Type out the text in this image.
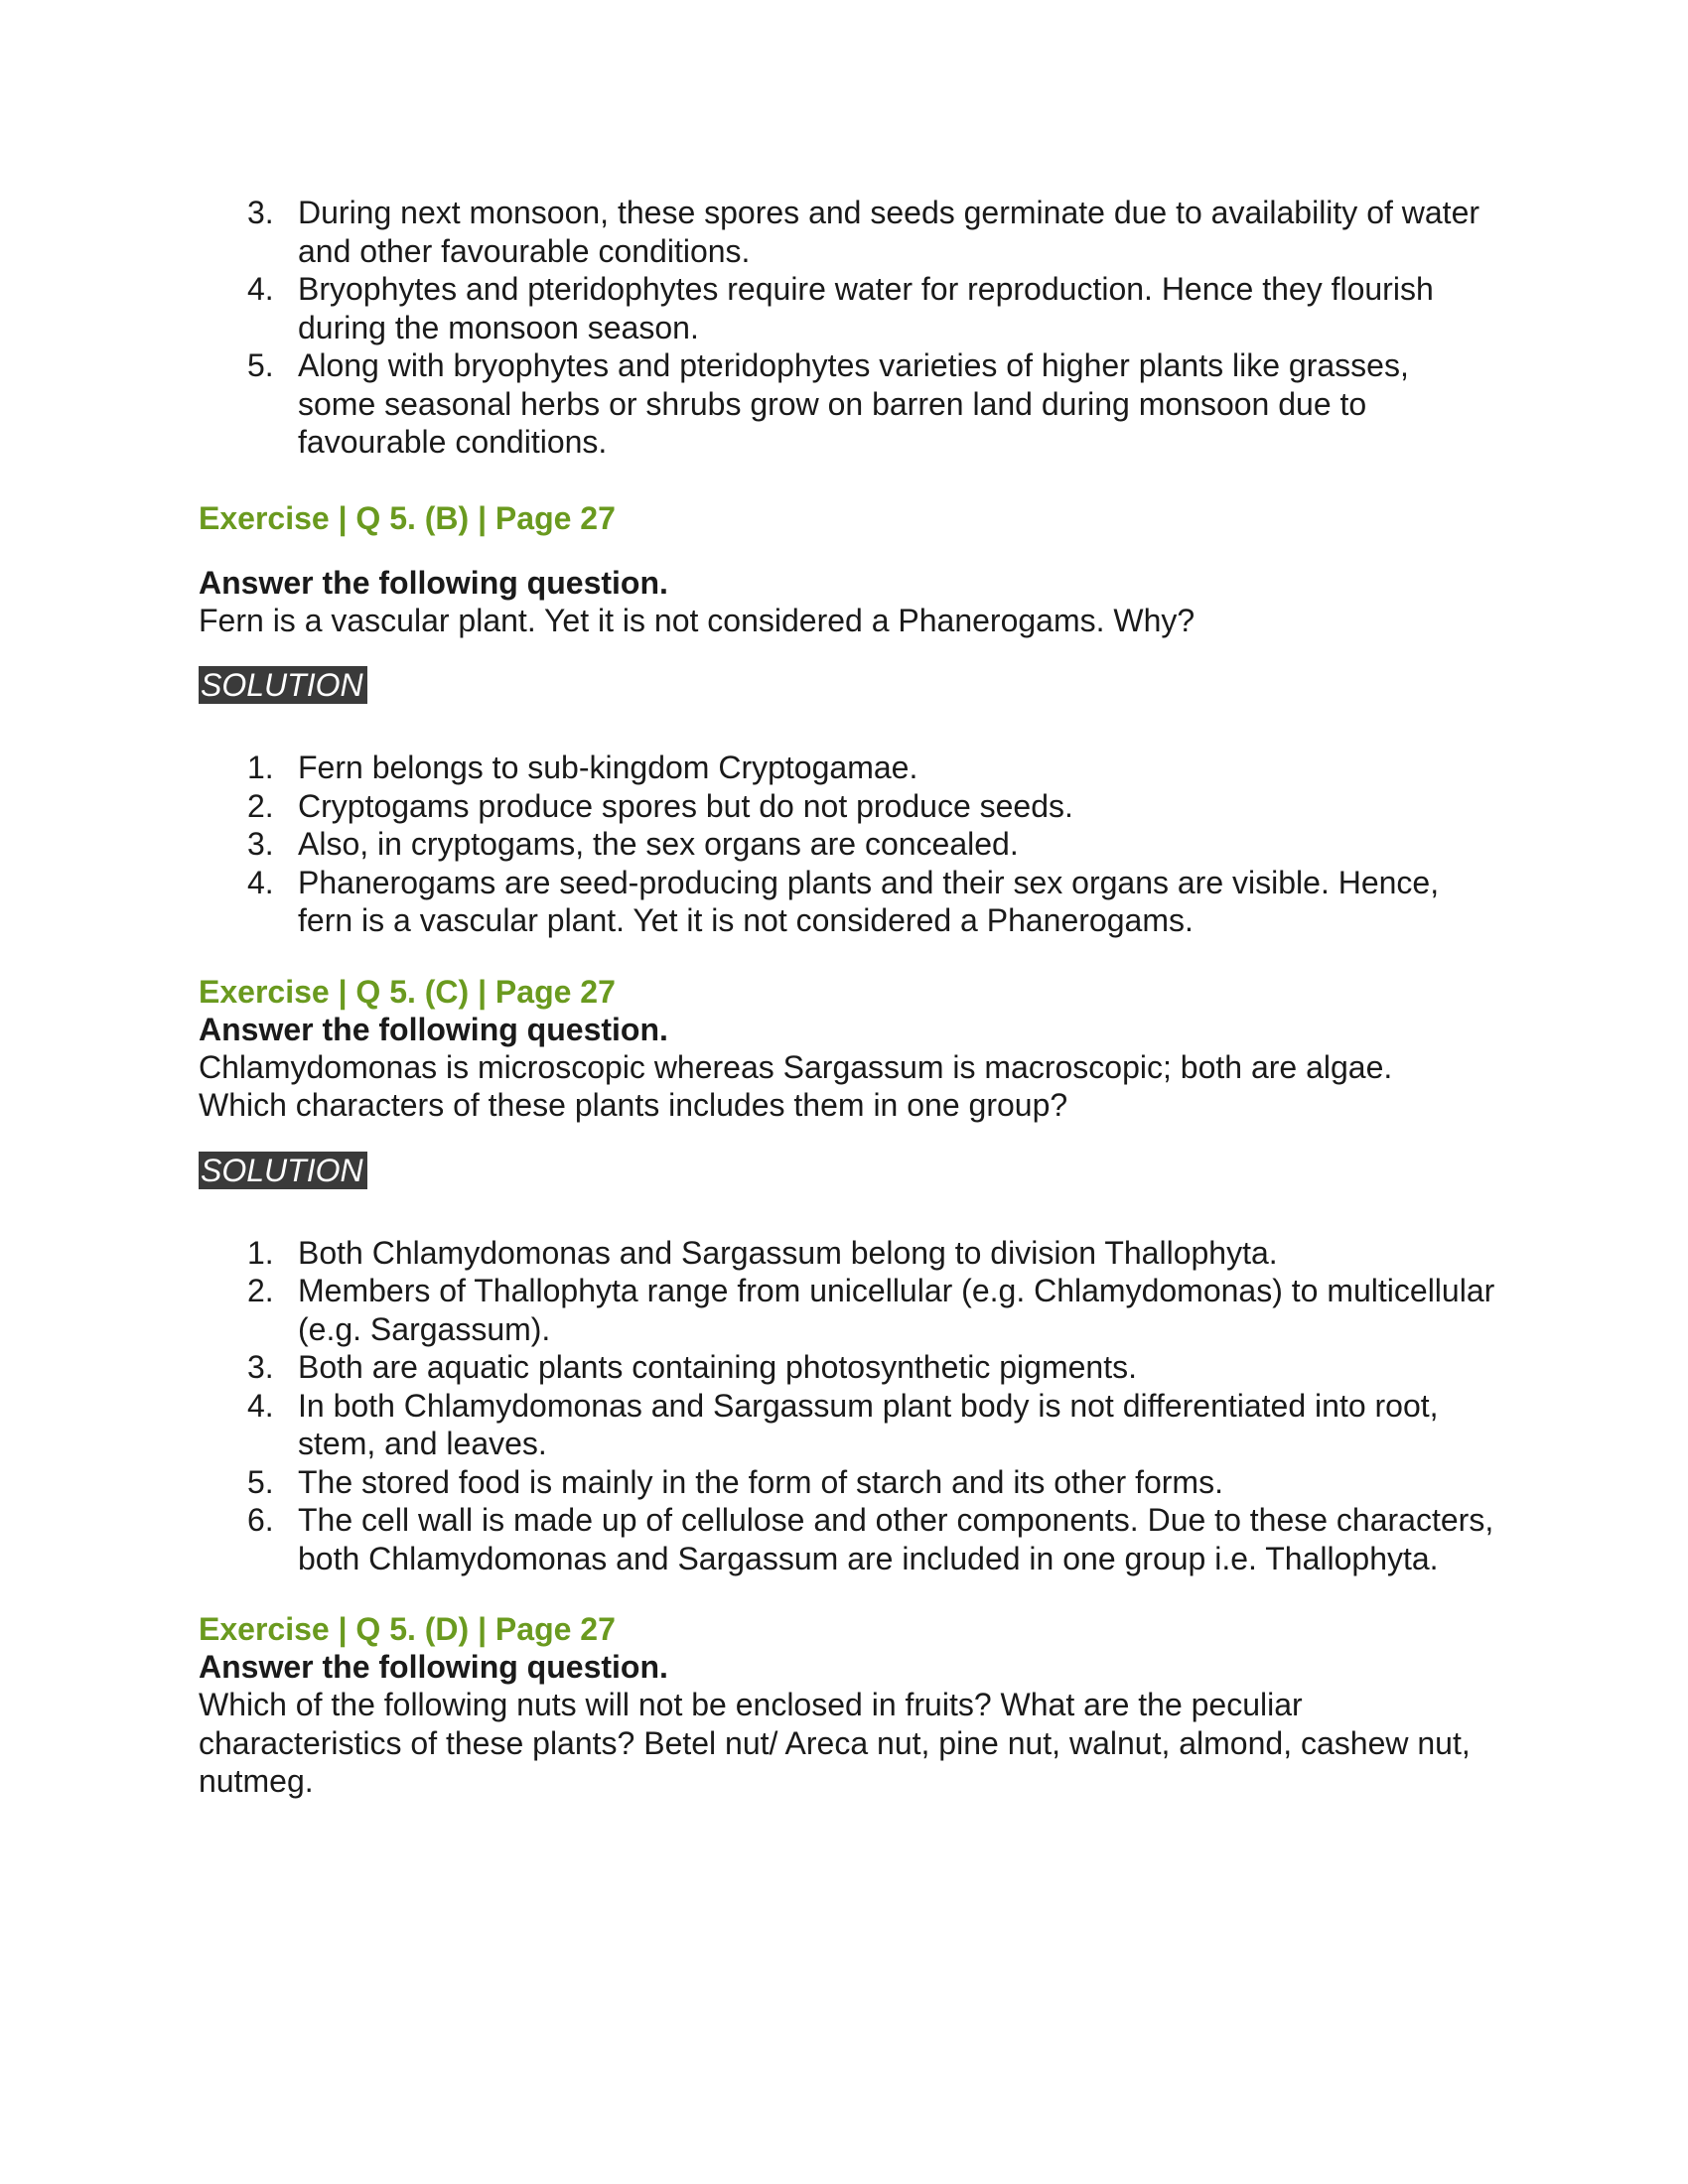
3. During next monsoon, these spores and seeds germinate due to availability of water and other favourable conditions.
4. Bryophytes and pteridophytes require water for reproduction. Hence they flourish during the monsoon season.
5. Along with bryophytes and pteridophytes varieties of higher plants like grasses, some seasonal herbs or shrubs grow on barren land during monsoon due to favourable conditions.
Exercise | Q 5. (B) | Page 27

Answer the following question.

Fern is a vascular plant. Yet it is not considered a Phanerogams. Why?

SOLUTION
1. Fern belongs to sub-kingdom Cryptogamae.
2. Cryptogams produce spores but do not produce seeds.
3. Also, in cryptogams, the sex organs are concealed.
4. Phanerogams are seed-producing plants and their sex organs are visible. Hence, fern is a vascular plant. Yet it is not considered a Phanerogams.
Exercise | Q 5. (C) | Page 27

Answer the following question.

Chlamydomonas is microscopic whereas Sargassum is macroscopic; both are algae. Which characters of these plants includes them in one group?

SOLUTION
1. Both Chlamydomonas and Sargassum belong to division Thallophyta.
2. Members of Thallophyta range from unicellular (e.g. Chlamydomonas) to multicellular (e.g. Sargassum).
3. Both are aquatic plants containing photosynthetic pigments.
4. In both Chlamydomonas and Sargassum plant body is not differentiated into root, stem, and leaves.
5. The stored food is mainly in the form of starch and its other forms.
6. The cell wall is made up of cellulose and other components. Due to these characters, both Chlamydomonas and Sargassum are included in one group i.e. Thallophyta.
Exercise | Q 5. (D) | Page 27

Answer the following question.

Which of the following nuts will not be enclosed in fruits? What are the peculiar characteristics of these plants? Betel nut/ Areca nut, pine nut, walnut, almond, cashew nut, nutmeg.
